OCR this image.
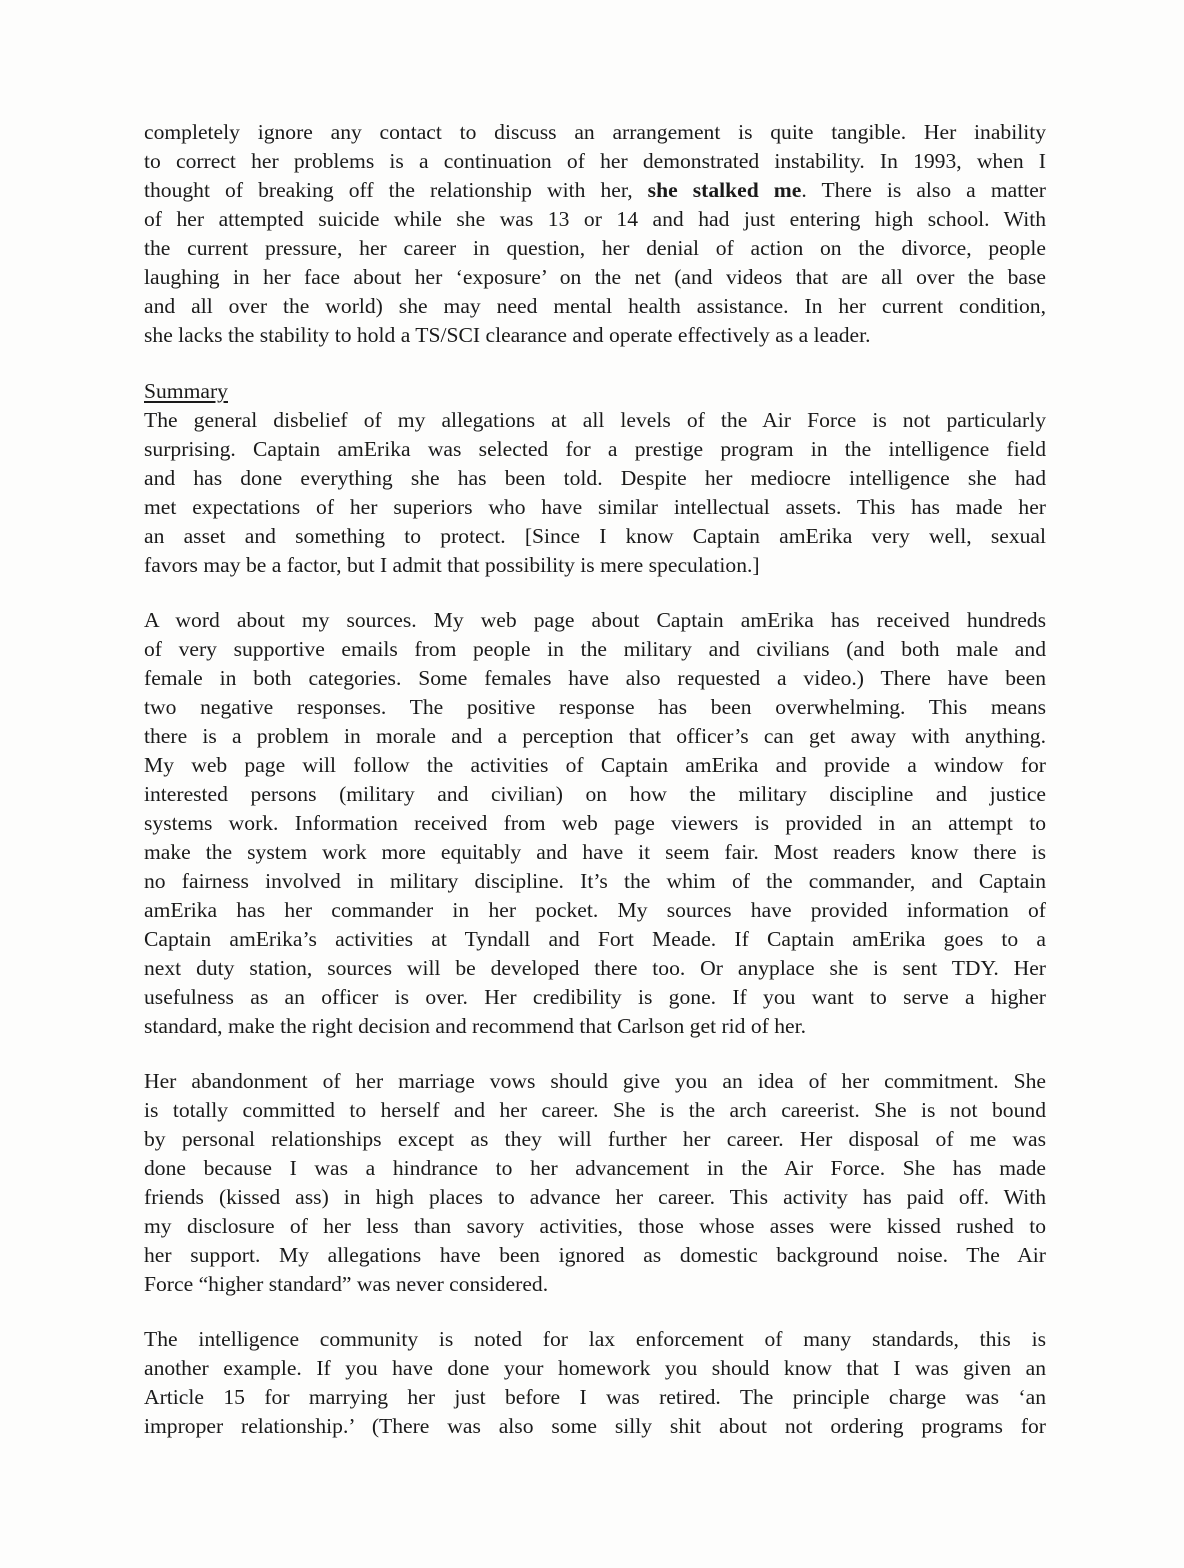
completely ignore any contact to discuss an arrangement is quite tangible. Her inability
to correct her problems is a continuation of her demonstrated instability. In 1993, when I
thought of breaking off the relationship with her, she stalked me. There is also a matter
of her attempted suicide while she was 13 or 14 and had just entering high school. With
the current pressure, her career in question, her denial of action on the divorce, people
laughing in her face about her ‘exposure’ on the net (and videos that are all over the base
and all over the world) she may need mental health assistance. In her current condition,
she lacks the stability to hold a TS/SCI clearance and operate effectively as a leader.
Summary
The general disbelief of my allegations at all levels of the Air Force is not particularly
surprising. Captain amErika was selected for a prestige program in the intelligence field
and has done everything she has been told. Despite her mediocre intelligence she had
met expectations of her superiors who have similar intellectual assets. This has made her
an asset and something to protect. [Since I know Captain amErika very well, sexual
favors may be a factor, but I admit that possibility is mere speculation.]
A word about my sources. My web page about Captain amErika has received hundreds
of very supportive emails from people in the military and civilians (and both male and
female in both categories. Some females have also requested a video.) There have been
two negative responses. The positive response has been overwhelming. This means
there is a problem in morale and a perception that officer’s can get away with anything.
My web page will follow the activities of Captain amErika and provide a window for
interested persons (military and civilian) on how the military discipline and justice
systems work. Information received from web page viewers is provided in an attempt to
make the system work more equitably and have it seem fair. Most readers know there is
no fairness involved in military discipline. It’s the whim of the commander, and Captain
amErika has her commander in her pocket. My sources have provided information of
Captain amErika’s activities at Tyndall and Fort Meade. If Captain amErika goes to a
next duty station, sources will be developed there too. Or anyplace she is sent TDY. Her
usefulness as an officer is over. Her credibility is gone. If you want to serve a higher
standard, make the right decision and recommend that Carlson get rid of her.
Her abandonment of her marriage vows should give you an idea of her commitment. She
is totally committed to herself and her career. She is the arch careerist. She is not bound
by personal relationships except as they will further her career. Her disposal of me was
done because I was a hindrance to her advancement in the Air Force. She has made
friends (kissed ass) in high places to advance her career. This activity has paid off. With
my disclosure of her less than savory activities, those whose asses were kissed rushed to
her support. My allegations have been ignored as domestic background noise. The Air
Force “higher standard” was never considered.
The intelligence community is noted for lax enforcement of many standards, this is
another example. If you have done your homework you should know that I was given an
Article 15 for marrying her just before I was retired. The principle charge was ‘an
improper relationship.’ (There was also some silly shit about not ordering programs for
